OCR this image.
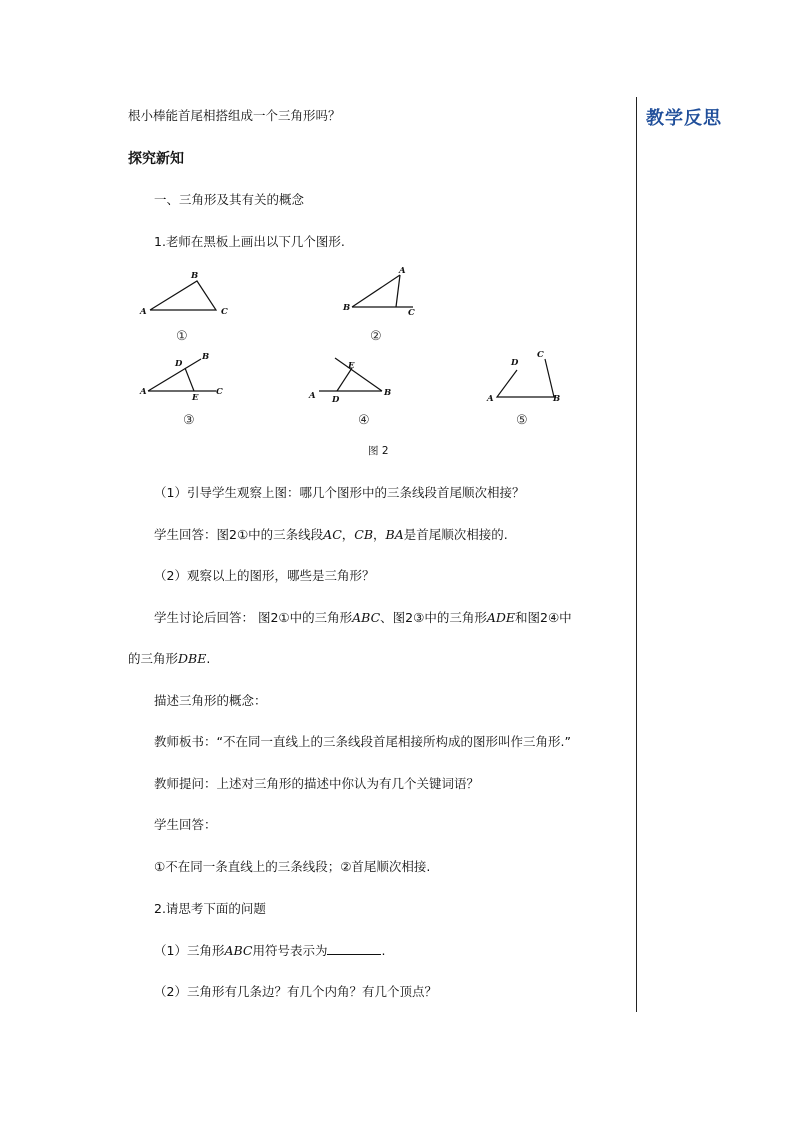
教学反思
根小棒能首尾相搭组成一个三角形吗？
探究新知
一、三角形及其有关的概念
1.老师在黑板上画出以下几个图形.
A
B
C
A
B	C
A
D
B
E
C
E
A D
B
D
C
A	B
①	②
③	④	⑤
图 2
（1）引导学生观察上图：哪几个图形中的三条线段首尾顺次相接？
学生回答：图2①中的三条线段AC，CB，BA是首尾顺次相接的.
（2）观察以上的图形，哪些是三角形？
学生讨论后回答： 图2①中的三角形ABC、图2③中的三角形ADE和图2④中
的三角形DBE.
描述三角形的概念：
教师板书：“不在同一直线上的三条线段首尾相接所构成的图形叫作三角形.”
教师提问：上述对三角形的描述中你认为有几个关键词语？
学生回答：
①不在同一条直线上的三条线段；②首尾顺次相接.
2.请思考下面的问题
（1）三角形ABC用符号表示为	.
（2）三角形有几条边？有几个内角？有几个顶点？
